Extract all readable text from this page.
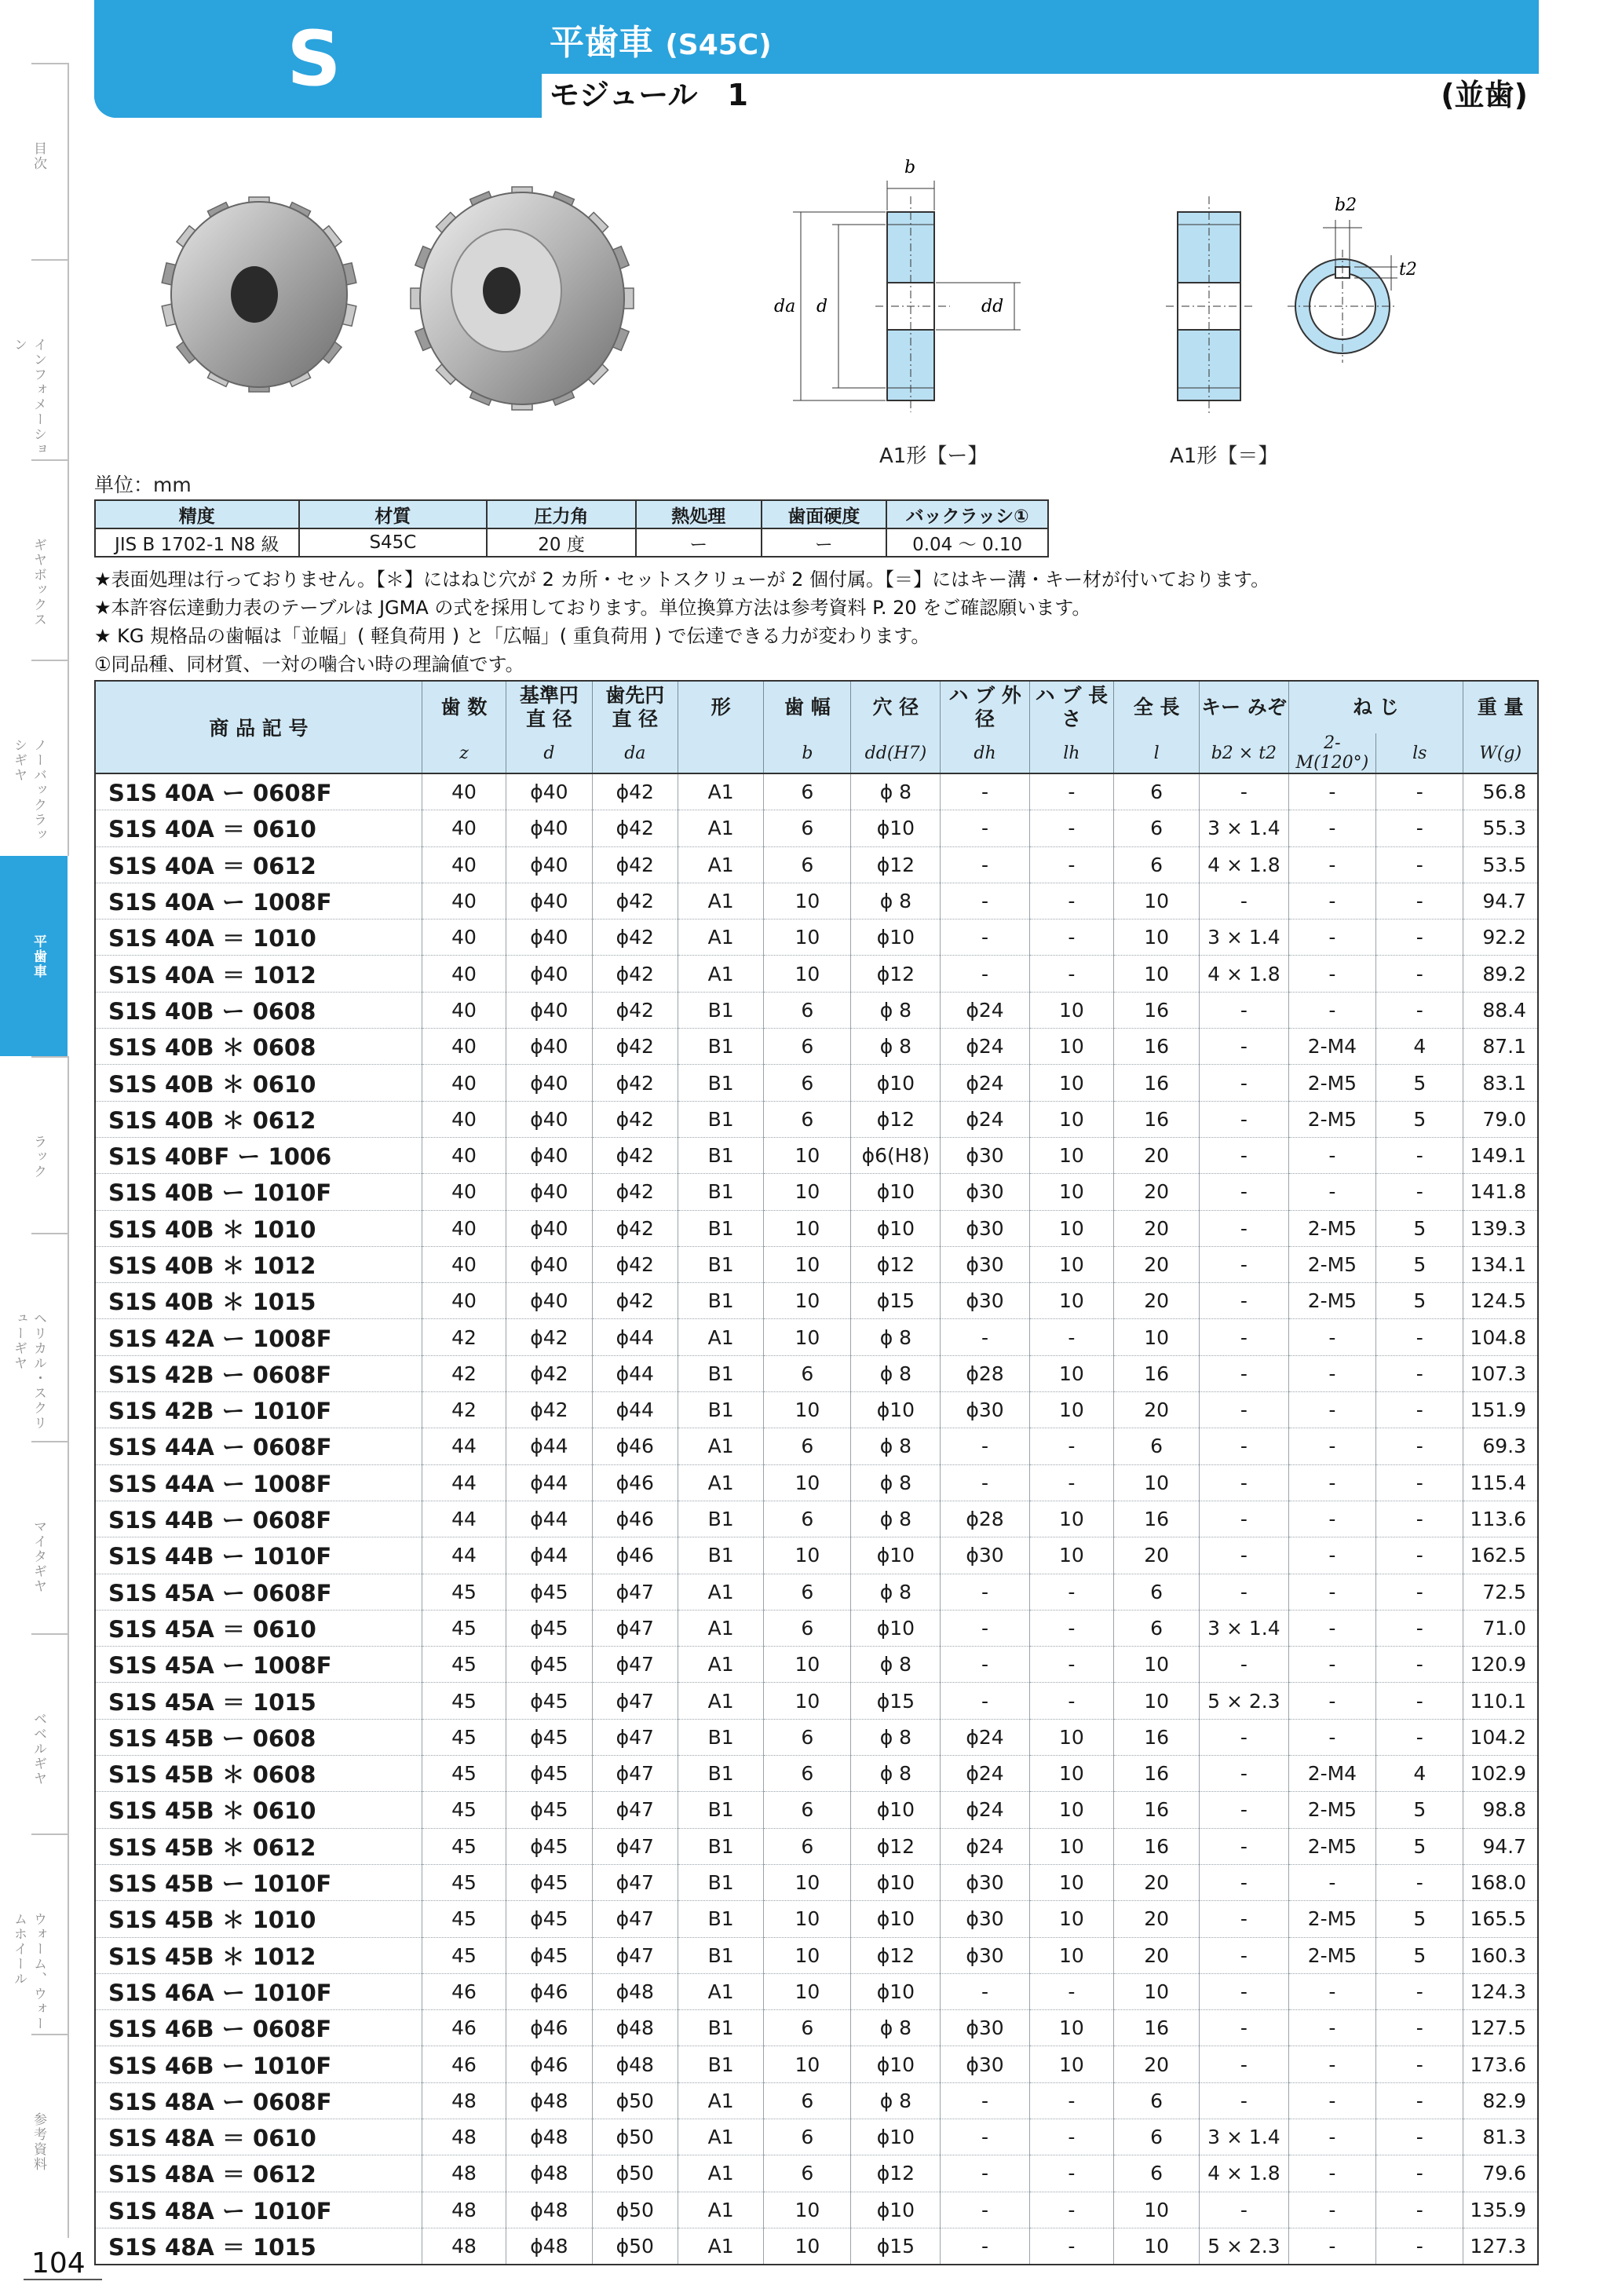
S	平歯車 (S45C)
モジュール　1	(並歯)
104
b
da d	dd
A1形【ー】
b2
t2
A1形【＝】
単位：mm
精度	材質	圧力角	熱処理	歯面硬度	バックラッシ①
JIS B 1702-1 N8 級	S45C	20 度	ー	ー	0.04 ～ 0.10
★表面処理は行っておりません。【＊】にはねじ穴が 2 カ所・セットスクリューが 2 個付属。【＝】にはキー溝・キー材が付いております。
★本許容伝達動力表のテーブルは JGMA の式を採用しております。単位換算方法は参考資料 P. 20 をご確認願います。
★ KG 規格品の歯幅は「並幅」( 軽負荷用 ) と「広幅」( 重負荷用 ) で伝達できる力が変わります。
①同品種、同材質、一対の噛合い時の理論値です。
商 品 記 号	歯 数	基準円 直 径	歯先円 直 径	形	歯 幅	穴 径	ハ ブ 外 径	ハ ブ 長 さ	全 長	キー みぞ	ね じ		重 量

	z	d	da		b	dd(H7)	dh	lh	l	b2 × t2	2-M(120°)	ls	W(g)
S1S 40A ー 0608F	40	ϕ40	ϕ42	A1	6	ϕ 8	-	-	6	-	-	-	56.8
S1S 40A ＝ 0610	40	ϕ40	ϕ42	A1	6	ϕ10	-	-	6	3 × 1.4	-	-	55.3
S1S 40A ＝ 0612	40	ϕ40	ϕ42	A1	6	ϕ12	-	-	6	4 × 1.8	-	-	53.5
S1S 40A ー 1008F	40	ϕ40	ϕ42	A1	10	ϕ 8	-	-	10	-	-	-	94.7
S1S 40A ＝ 1010	40	ϕ40	ϕ42	A1	10	ϕ10	-	-	10	3 × 1.4	-	-	92.2
S1S 40A ＝ 1012	40	ϕ40	ϕ42	A1	10	ϕ12	-	-	10	4 × 1.8	-	-	89.2
S1S 40B ー 0608	40	ϕ40	ϕ42	B1	6	ϕ 8	ϕ24	10	16	-	-	-	88.4
S1S 40B ＊ 0608	40	ϕ40	ϕ42	B1	6	ϕ 8	ϕ24	10	16	-	2-M4	4	87.1
S1S 40B ＊ 0610	40	ϕ40	ϕ42	B1	6	ϕ10	ϕ24	10	16	-	2-M5	5	83.1
S1S 40B ＊ 0612	40	ϕ40	ϕ42	B1	6	ϕ12	ϕ24	10	16	-	2-M5	5	79.0
S1S 40BF ー 1006	40	ϕ40	ϕ42	B1	10	ϕ6(H8)	ϕ30	10	20	-	-	-	149.1
S1S 40B ー 1010F	40	ϕ40	ϕ42	B1	10	ϕ10	ϕ30	10	20	-	-	-	141.8
S1S 40B ＊ 1010	40	ϕ40	ϕ42	B1	10	ϕ10	ϕ30	10	20	-	2-M5	5	139.3
S1S 40B ＊ 1012	40	ϕ40	ϕ42	B1	10	ϕ12	ϕ30	10	20	-	2-M5	5	134.1
S1S 40B ＊ 1015	40	ϕ40	ϕ42	B1	10	ϕ15	ϕ30	10	20	-	2-M5	5	124.5
S1S 42A ー 1008F	42	ϕ42	ϕ44	A1	10	ϕ 8	-	-	10	-	-	-	104.8
S1S 42B ー 0608F	42	ϕ42	ϕ44	B1	6	ϕ 8	ϕ28	10	16	-	-	-	107.3
S1S 42B ー 1010F	42	ϕ42	ϕ44	B1	10	ϕ10	ϕ30	10	20	-	-	-	151.9
S1S 44A ー 0608F	44	ϕ44	ϕ46	A1	6	ϕ 8	-	-	6	-	-	-	69.3
S1S 44A ー 1008F	44	ϕ44	ϕ46	A1	10	ϕ 8	-	-	10	-	-	-	115.4
S1S 44B ー 0608F	44	ϕ44	ϕ46	B1	6	ϕ 8	ϕ28	10	16	-	-	-	113.6
S1S 44B ー 1010F	44	ϕ44	ϕ46	B1	10	ϕ10	ϕ30	10	20	-	-	-	162.5
S1S 45A ー 0608F	45	ϕ45	ϕ47	A1	6	ϕ 8	-	-	6	-	-	-	72.5
S1S 45A ＝ 0610	45	ϕ45	ϕ47	A1	6	ϕ10	-	-	6	3 × 1.4	-	-	71.0
S1S 45A ー 1008F	45	ϕ45	ϕ47	A1	10	ϕ 8	-	-	10	-	-	-	120.9
S1S 45A ＝ 1015	45	ϕ45	ϕ47	A1	10	ϕ15	-	-	10	5 × 2.3	-	-	110.1
S1S 45B ー 0608	45	ϕ45	ϕ47	B1	6	ϕ 8	ϕ24	10	16	-	-	-	104.2
S1S 45B ＊ 0608	45	ϕ45	ϕ47	B1	6	ϕ 8	ϕ24	10	16	-	2-M4	4	102.9
S1S 45B ＊ 0610	45	ϕ45	ϕ47	B1	6	ϕ10	ϕ24	10	16	-	2-M5	5	98.8
S1S 45B ＊ 0612	45	ϕ45	ϕ47	B1	6	ϕ12	ϕ24	10	16	-	2-M5	5	94.7
S1S 45B ー 1010F	45	ϕ45	ϕ47	B1	10	ϕ10	ϕ30	10	20	-	-	-	168.0
S1S 45B ＊ 1010	45	ϕ45	ϕ47	B1	10	ϕ10	ϕ30	10	20	-	2-M5	5	165.5
S1S 45B ＊ 1012	45	ϕ45	ϕ47	B1	10	ϕ12	ϕ30	10	20	-	2-M5	5	160.3
S1S 46A ー 1010F	46	ϕ46	ϕ48	A1	10	ϕ10	-	-	10	-	-	-	124.3
S1S 46B ー 0608F	46	ϕ46	ϕ48	B1	6	ϕ 8	ϕ30	10	16	-	-	-	127.5
S1S 46B ー 1010F	46	ϕ46	ϕ48	B1	10	ϕ10	ϕ30	10	20	-	-	-	173.6
S1S 48A ー 0608F	48	ϕ48	ϕ50	A1	6	ϕ 8	-	-	6	-	-	-	82.9
S1S 48A ＝ 0610	48	ϕ48	ϕ50	A1	6	ϕ10	-	-	6	3 × 1.4	-	-	81.3
S1S 48A ＝ 0612	48	ϕ48	ϕ50	A1	6	ϕ12	-	-	6	4 × 1.8	-	-	79.6
S1S 48A ー 1010F	48	ϕ48	ϕ50	A1	10	ϕ10	-	-	10	-	-	-	135.9
S1S 48A ＝ 1015	48	ϕ48	ϕ50	A1	10	ϕ15	-	-	10	5 × 2.3	-	-	127.3
目次
インフォメーション
ギヤボックス
ノーバックラッシギヤ
平歯車
ラック
ヘリカル・スクリューギヤ
マイタギヤ
ベベルギヤ
ウォーム、ウォームホイール
参考資料
